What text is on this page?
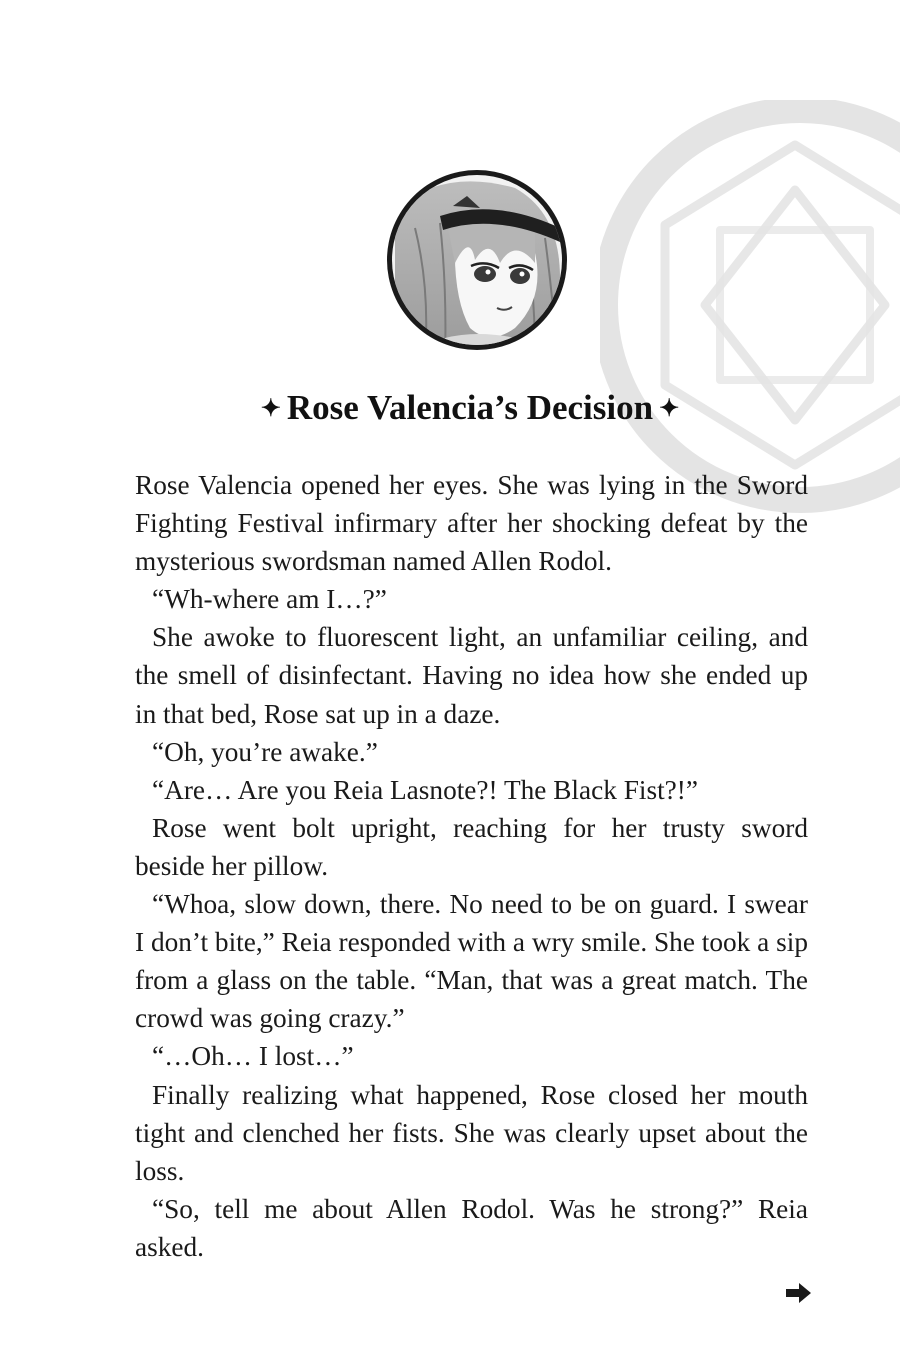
✦ Rose Valencia’s Decision ✦

Rose Valencia opened her eyes. She was lying in the Sword Fighting Festival infirmary after her shocking defeat by the mysterious swordsman named Allen Rodol.

“Wh-where am I…?”

She awoke to fluorescent light, an unfamiliar ceiling, and the smell of disinfectant. Having no idea how she ended up in that bed, Rose sat up in a daze.

“Oh, you’re awake.”

“Are… Are you Reia Lasnote?! The Black Fist?!”

Rose went bolt upright, reaching for her trusty sword beside her pillow.

“Whoa, slow down, there. No need to be on guard. I swear I don’t bite,” Reia responded with a wry smile. She took a sip from a glass on the table. “Man, that was a great match. The crowd was going crazy.”

“…Oh… I lost…”

Finally realizing what happened, Rose closed her mouth tight and clenched her fists. She was clearly upset about the loss.

“So, tell me about Allen Rodol. Was he strong?” Reia asked.
